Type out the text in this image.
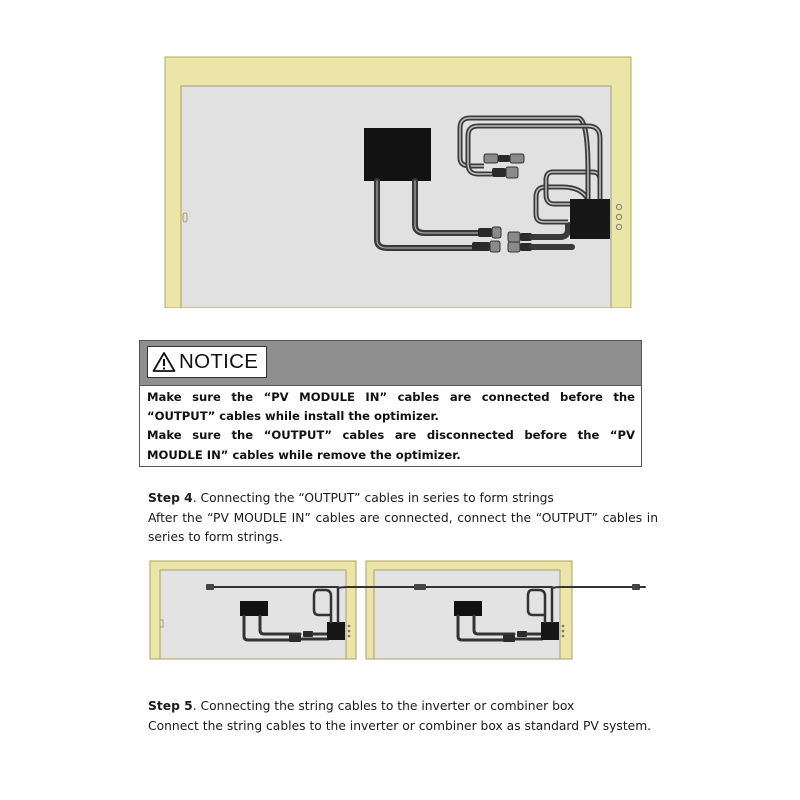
NOTICE

Make sure the “PV MODULE IN” cables are connected before the “OUTPUT” cables while install the optimizer.

Make sure the “OUTPUT” cables are disconnected before the “PV MOUDLE IN” cables while remove the optimizer.

Step 4. Connecting the “OUTPUT” cables in series to form strings

After the “PV MOUDLE IN” cables are connected, connect the “OUTPUT” cables in series to form strings.

Step 5. Connecting the string cables to the inverter or combiner box

Connect the string cables to the inverter or combiner box as standard PV system.
